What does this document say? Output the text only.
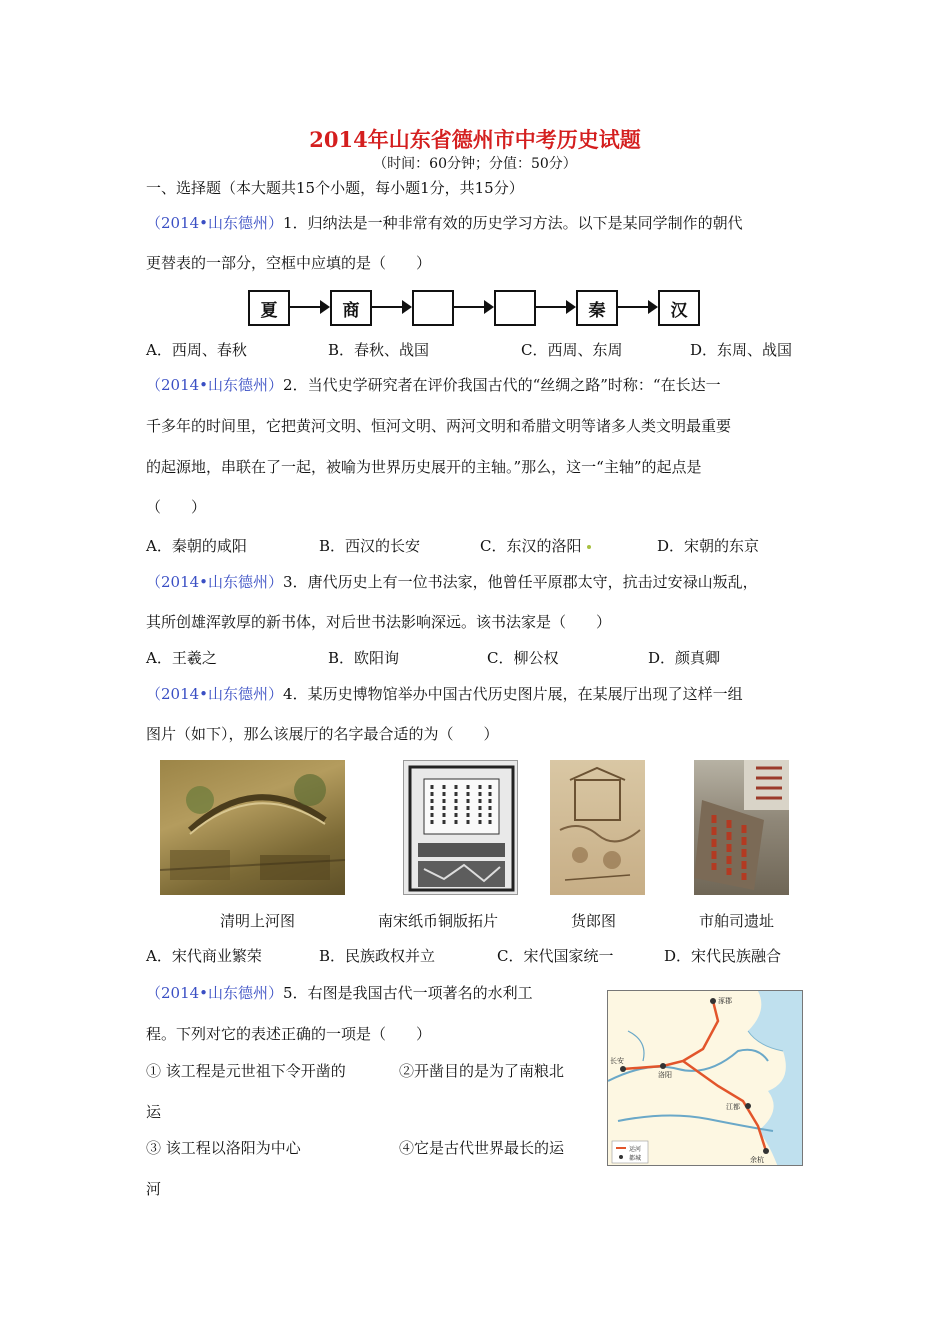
2014年山东省德州市中考历史试题
（时间：60分钟；分值：50分）
一、选择题（本大题共15个小题，每小题1分，共15分）
（2014•山东德州）1．归纳法是一种非常有效的历史学习方法。以下是某同学制作的朝代
更替表的一部分，空框中应填的是（　　）
夏	商	秦	汉
A．西周、春秋	B．春秋、战国	C．西周、东周	D．东周、战国
（2014•山东德州）2．当代史学研究者在评价我国古代的“丝绸之路”时称：“在长达一
千多年的时间里，它把黄河文明、恒河文明、两河文明和希腊文明等诸多人类文明最重要
的起源地，串联在了一起，被喻为世界历史展开的主轴。”那么，这一“主轴”的起点是
（　　）
A．秦朝的咸阳	B．西汉的长安	C．东汉的洛阳	D．宋朝的东京
（2014•山东德州）3．唐代历史上有一位书法家，他曾任平原郡太守，抗击过安禄山叛乱，
其所创雄浑敦厚的新书体，对后世书法影响深远。该书法家是（　　）
A．王羲之	B．欧阳询	C．柳公权	D．颜真卿
（2014•山东德州）4．某历史博物馆举办中国古代历史图片展，在某展厅出现了这样一组
图片（如下），那么该展厅的名字最合适的为（　　）
清明上河图	南宋纸币铜版拓片	货郎图	市舶司遗址
A．宋代商业繁荣	B．民族政权并立	C．宋代国家统一	D．宋代民族融合
（2014•山东德州）5．右图是我国古代一项著名的水利工
程。下列对它的表述正确的一项是（　　）
① 该工程是元世祖下令开凿的	②开凿目的是为了南粮北
运
③ 该工程以洛阳为中心	④它是古代世界最长的运
河
涿郡
长安
洛阳
江都
余杭
运河
都城
